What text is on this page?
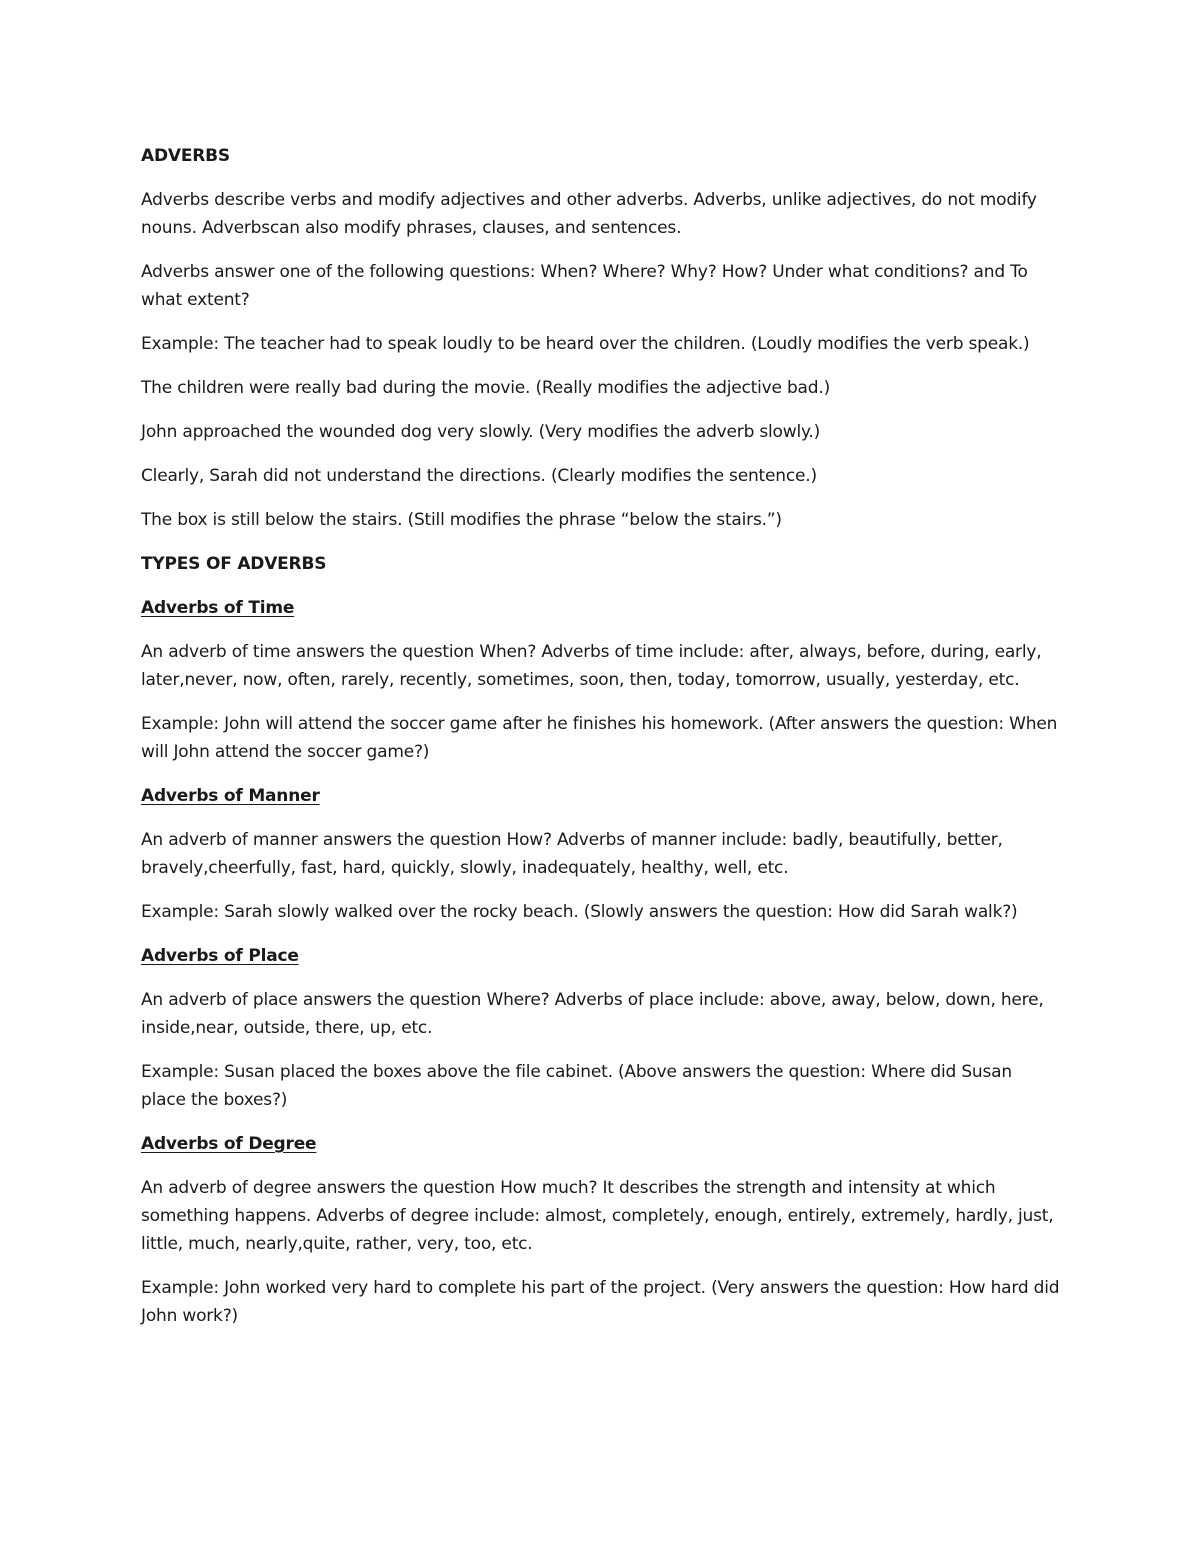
ADVERBS

Adverbs describe verbs and modify adjectives and other adverbs. Adverbs, unlike adjectives, do not modify nouns. Adverbscan also modify phrases, clauses, and sentences.

Adverbs answer one of the following questions: When? Where? Why? How? Under what conditions? and To what extent?

Example: The teacher had to speak loudly to be heard over the children. (Loudly modifies the verb speak.)

The children were really bad during the movie. (Really modifies the adjective bad.)

John approached the wounded dog very slowly. (Very modifies the adverb slowly.)

Clearly, Sarah did not understand the directions. (Clearly modifies the sentence.)

The box is still below the stairs. (Still modifies the phrase “below the stairs.”)

TYPES OF ADVERBS

Adverbs of Time

An adverb of time answers the question When? Adverbs of time include: after, always, before, during, early, later,never, now, often, rarely, recently, sometimes, soon, then, today, tomorrow, usually, yesterday, etc.

Example: John will attend the soccer game after he finishes his homework. (After answers the question: When will John attend the soccer game?)

Adverbs of Manner

An adverb of manner answers the question How? Adverbs of manner include: badly, beautifully, better, bravely,cheerfully, fast, hard, quickly, slowly, inadequately, healthy, well, etc.

Example: Sarah slowly walked over the rocky beach. (Slowly answers the question: How did Sarah walk?)

Adverbs of Place

An adverb of place answers the question Where? Adverbs of place include: above, away, below, down, here, inside,near, outside, there, up, etc.

Example: Susan placed the boxes above the file cabinet. (Above answers the question: Where did Susan place the boxes?)

Adverbs of Degree

An adverb of degree answers the question How much? It describes the strength and intensity at which something happens. Adverbs of degree include: almost, completely, enough, entirely, extremely, hardly, just, little, much, nearly,quite, rather, very, too, etc.

Example: John worked very hard to complete his part of the project. (Very answers the question: How hard did John work?)
